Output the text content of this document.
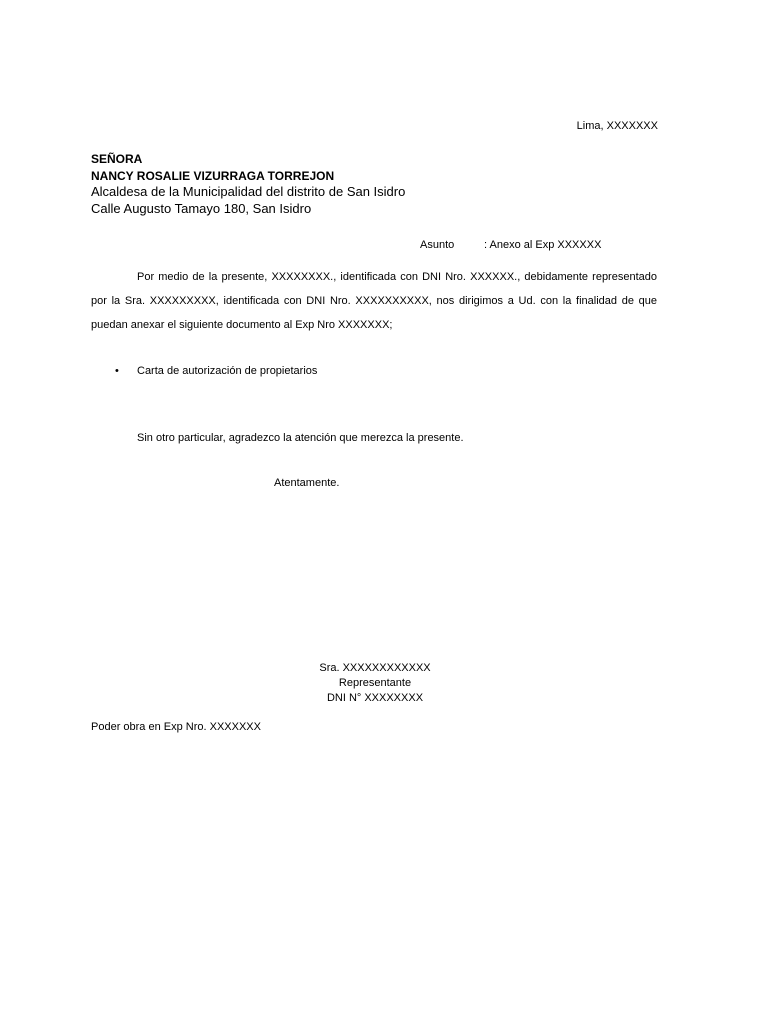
Lima, XXXXXXX
SEÑORA
NANCY ROSALIE VIZURRAGA TORREJON
Alcaldesa de la Municipalidad del distrito de San Isidro
Calle Augusto Tamayo 180, San Isidro
Asunto	: Anexo al Exp XXXXXX

Por medio de la presente, XXXXXXXX., identificada con DNI Nro. XXXXXX., debidamente representado por la Sra. XXXXXXXXX, identificada con DNI Nro. XXXXXXXXXX, nos dirigimos a Ud. con la finalidad de que puedan anexar el siguiente documento al Exp Nro XXXXXXX;

• Carta de autorización de propietarios
Sin otro particular, agradezco la atención que merezca la presente.
Atentamente.
Sra. XXXXXXXXXXXX
Representante
DNI N° XXXXXXXX
Poder obra en Exp Nro. XXXXXXX
